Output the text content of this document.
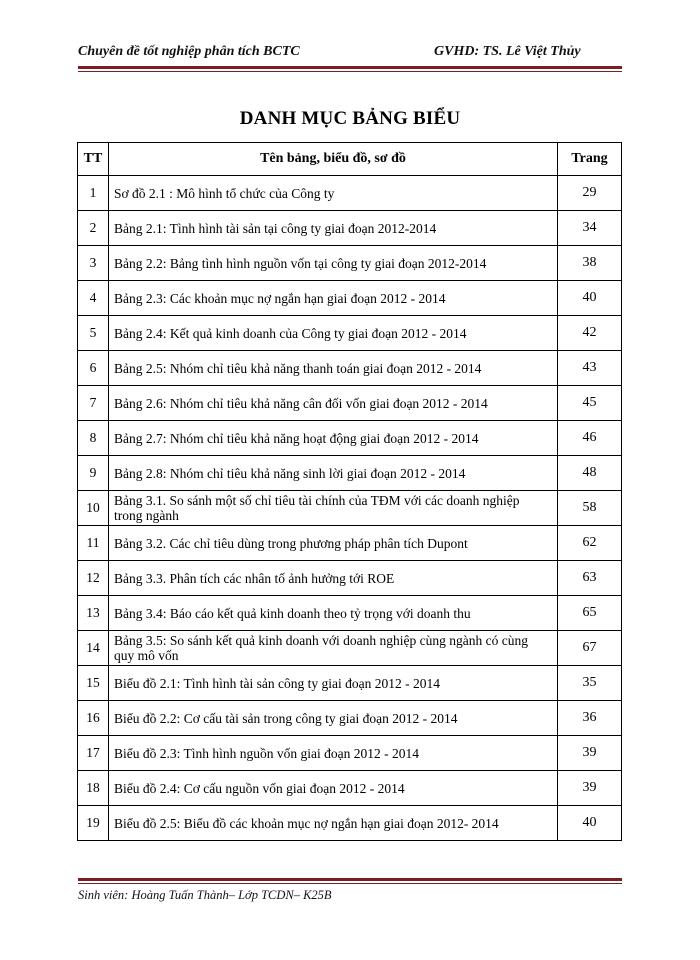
Chuyên đề tốt nghiệp phân tích BCTC	GVHD: TS. Lê Việt Thủy
DANH MỤC BẢNG BIỂU
TT	Tên bảng, biểu đồ, sơ đồ	Trang
1	Sơ đồ 2.1 : Mô hình tổ chức của Công ty	29
2	Bảng 2.1: Tình hình tài sản tại công ty giai đoạn 2012-2014	34
3	Bảng 2.2: Bảng tình hình nguồn vốn tại công ty giai đoạn 2012-2014	38
4	Bảng 2.3: Các khoản mục nợ ngắn hạn giai đoạn 2012 - 2014	40
5	Bảng 2.4: Kết quả kinh doanh của Công ty giai đoạn 2012 - 2014	42
6	Bảng 2.5: Nhóm chỉ tiêu khả năng thanh toán giai đoạn 2012 - 2014	43
7	Bảng 2.6: Nhóm chỉ tiêu khả năng cân đối vốn giai đoạn 2012 - 2014	45
8	Bảng 2.7: Nhóm chỉ tiêu khả năng hoạt động giai đoạn 2012 - 2014	46
9	Bảng 2.8: Nhóm chỉ tiêu khả năng sinh lời giai đoạn 2012 - 2014	48
10	Bảng 3.1. So sánh một số chỉ tiêu tài chính của TĐM với các doanh nghiệp trong ngành	58
11	Bảng 3.2. Các chỉ tiêu dùng trong phương pháp phân tích Dupont	62
12	Bảng 3.3. Phân tích các nhân tố ảnh hưởng tới ROE	63
13	Bảng 3.4: Báo cáo kết quả kinh doanh theo tỷ trọng với doanh thu	65
14	Bảng 3.5: So sánh kết quả kinh doanh với doanh nghiệp cùng ngành có cùng quy mô vốn	67
15	Biểu đồ 2.1: Tình hình tài sản công ty giai đoạn 2012 - 2014	35
16	Biểu đồ 2.2: Cơ cấu tài sản trong công ty giai đoạn 2012 - 2014	36
17	Biểu đồ 2.3: Tình hình nguồn vốn giai đoạn 2012 - 2014	39
18	Biểu đồ 2.4: Cơ cấu nguồn vốn giai đoạn 2012 - 2014	39
19	Biểu đồ 2.5: Biểu đồ các khoản mục nợ ngắn hạn giai đoạn 2012- 2014	40
Sinh viên: Hoàng Tuấn Thành– Lớp TCDN– K25B
